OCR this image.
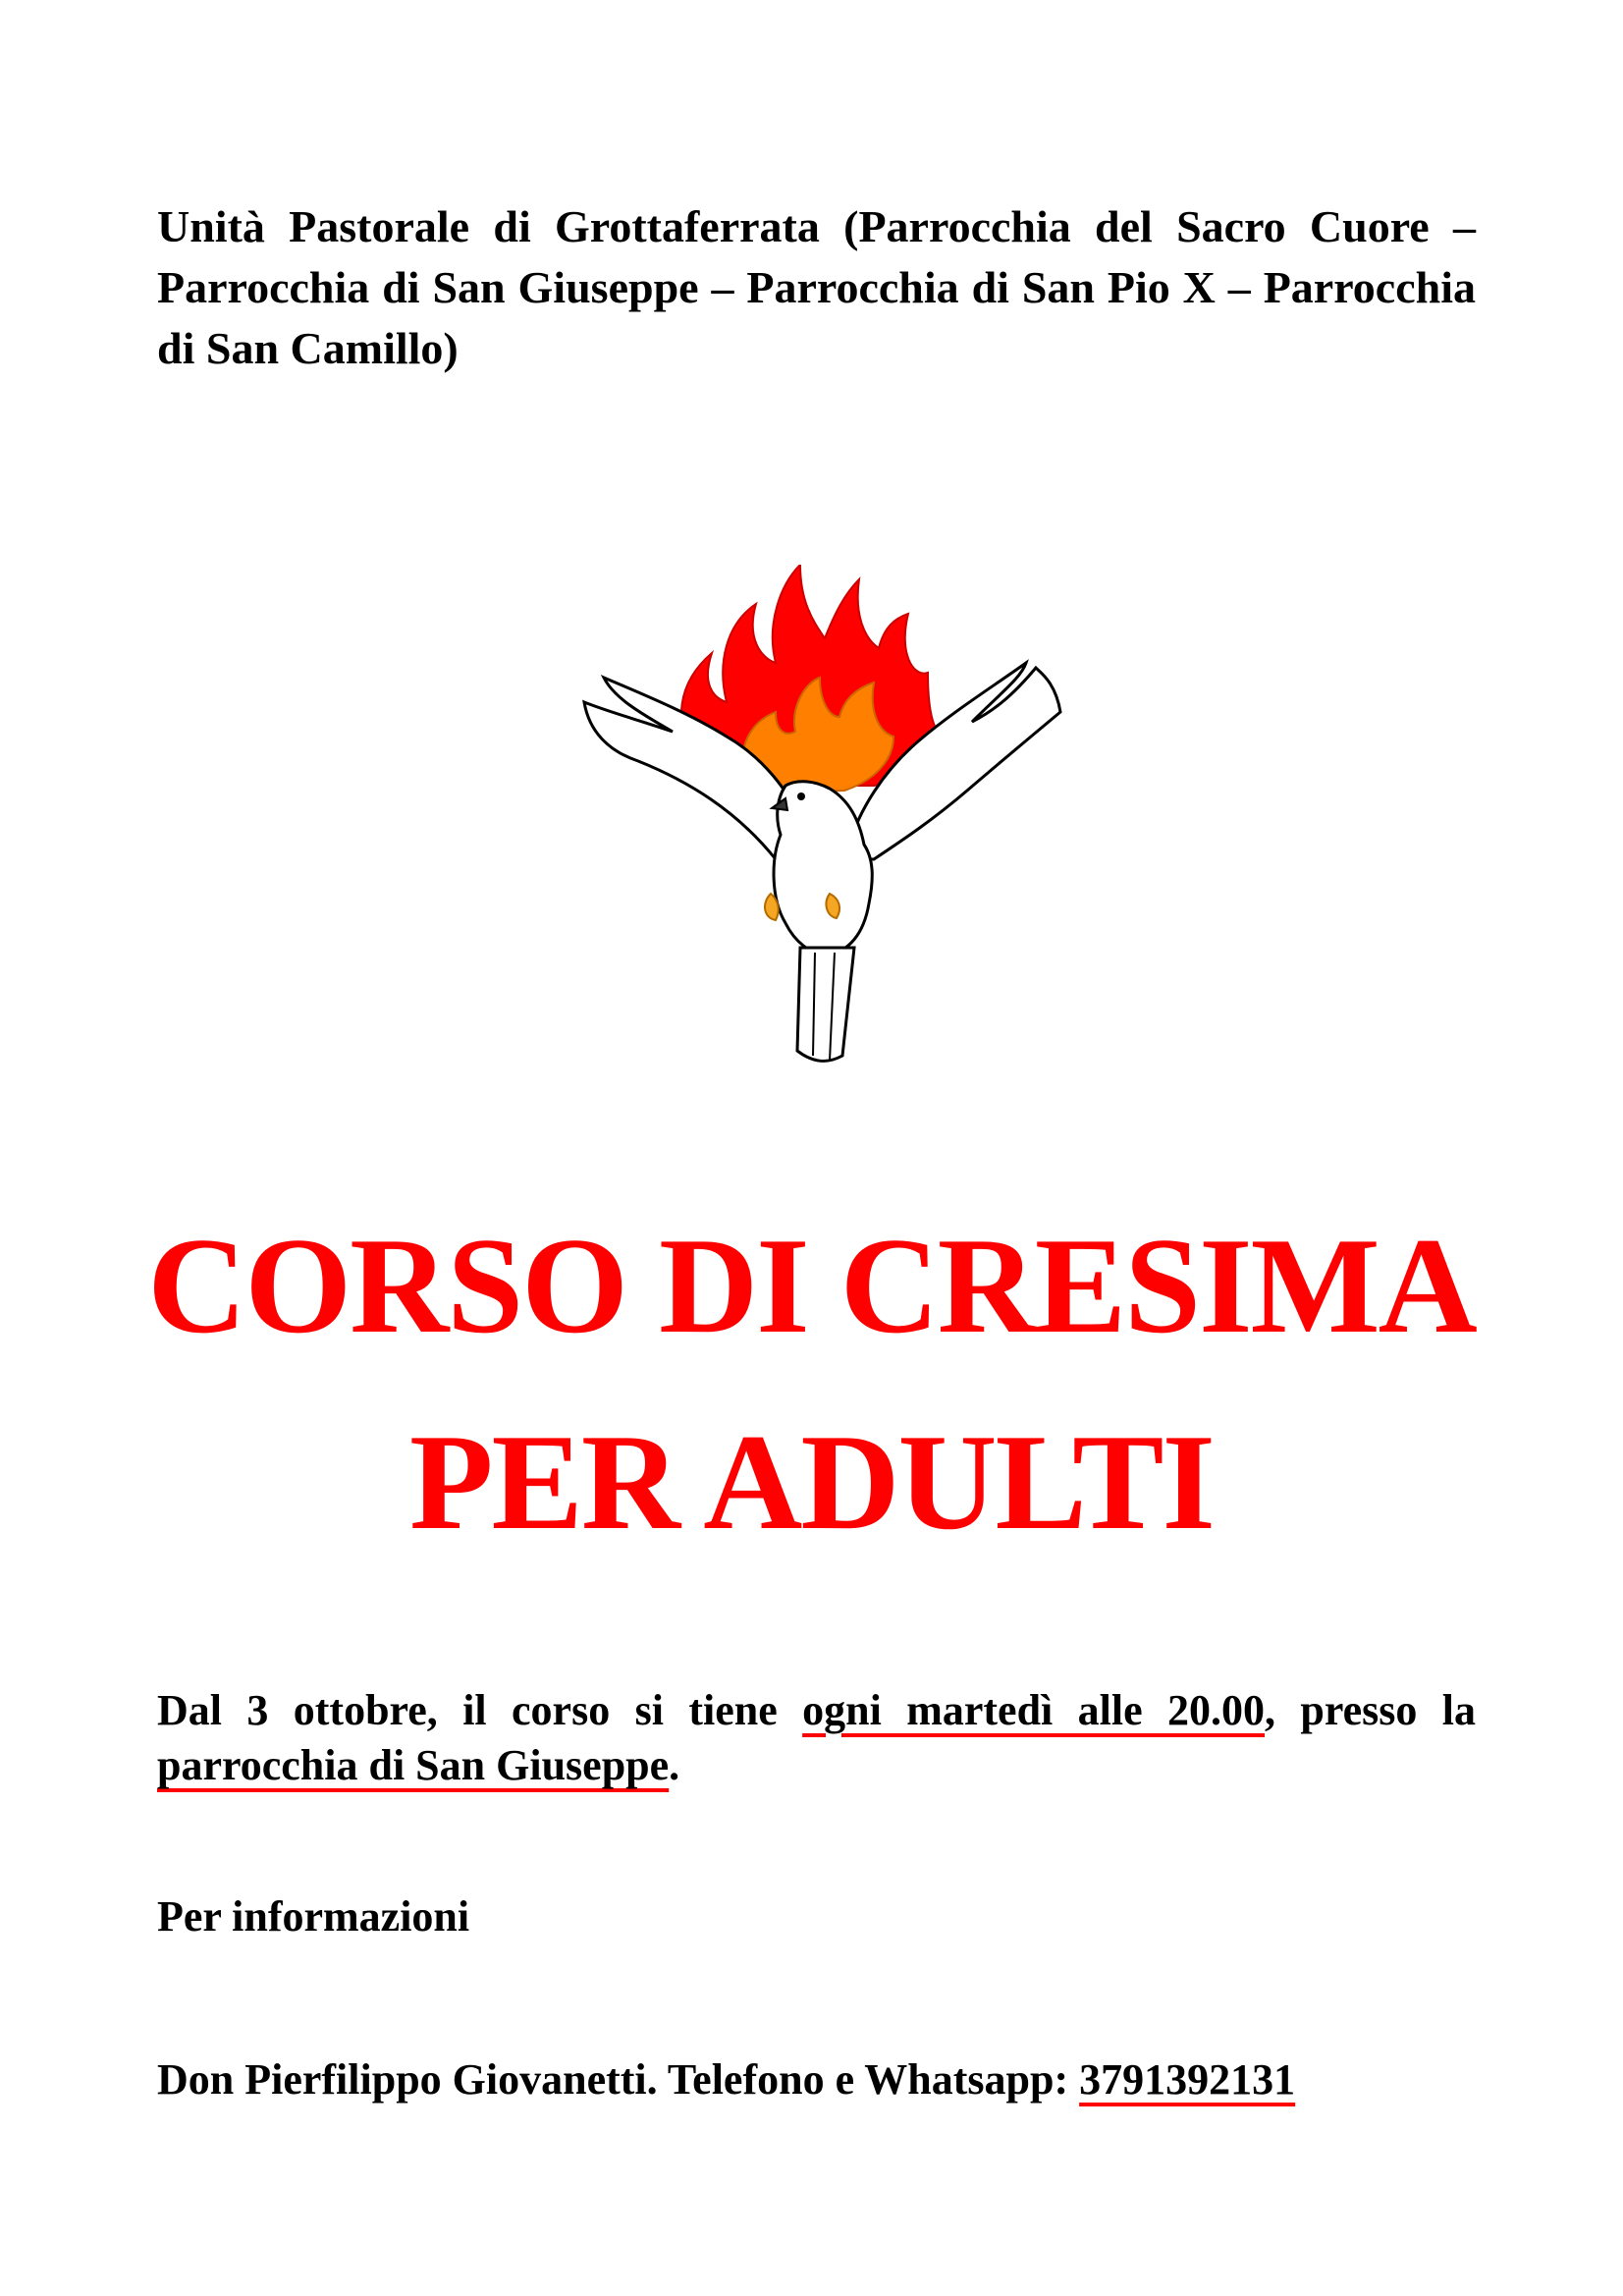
Unità Pastorale di Grottaferrata (Parrocchia del Sacro Cuore – Parrocchia di San Giuseppe – Parrocchia di San Pio X – Parrocchia di San Camillo)
CORSO DI CRESIMA
PER ADULTI
Dal 3 ottobre, il corso si tiene ogni martedì alle 20.00, presso la parrocchia di San Giuseppe.
Per informazioni
Don Pierfilippo Giovanetti. Telefono e Whatsapp: 3791392131
